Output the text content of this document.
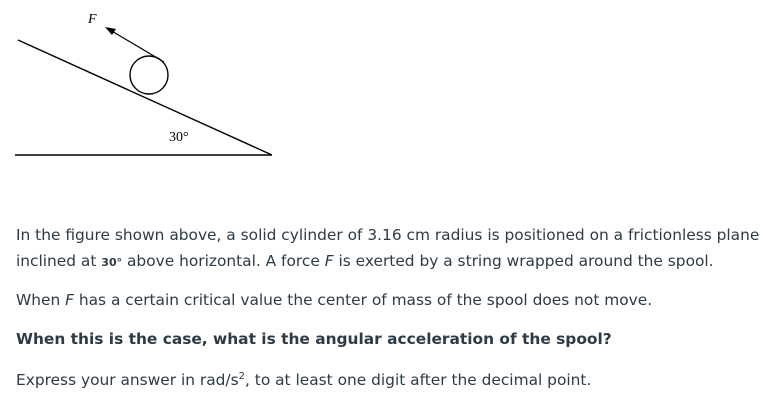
F
30°

In the figure shown above, a solid cylinder of 3.16 cm radius is positioned on a frictionless plane
inclined at 30° above horizontal. A force F is exerted by a string wrapped around the spool.

When F has a certain critical value the center of mass of the spool does not move.

When this is the case, what is the angular acceleration of the spool?

Express your answer in rad/$s^2$, to at least one digit after the decimal point.
